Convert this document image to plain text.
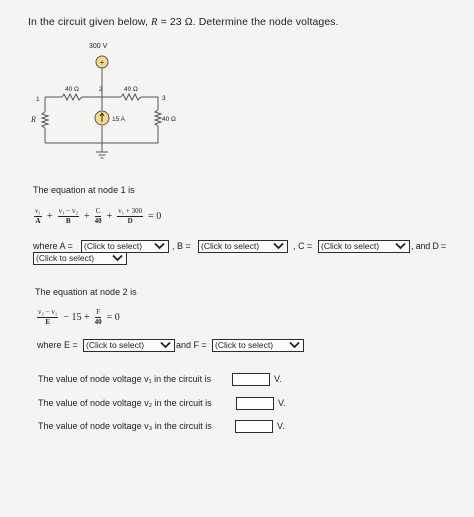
In the circuit given below, R = 23 Ω. Determine the node voltages.
+
300 V
40 Ω	40 Ω
40 Ω
R	15 A
1
2
3
The equation at node 1 is
$\frac{\text{v₁}}{A} + \frac{\text{v₁ − v₂}}{B} + \frac{C}{40} + \frac{\text{v₁ + 300}}{D} = 0$
where A =	(Click to select)	, B =	(Click to select)	, C =	(Click to select)	, and D =
(Click to select)
The equation at node 2 is
$\frac{\text{v₂ − v₁}}{E} - 15 + \frac{F}{40} = 0$
where E = (Click to select)	and F = (Click to select)
The value of node voltage v₁ in the circuit is	V.
The value of node voltage v₂ in the circuit is	V.
The value of node voltage v₃ in the circuit is	V.
